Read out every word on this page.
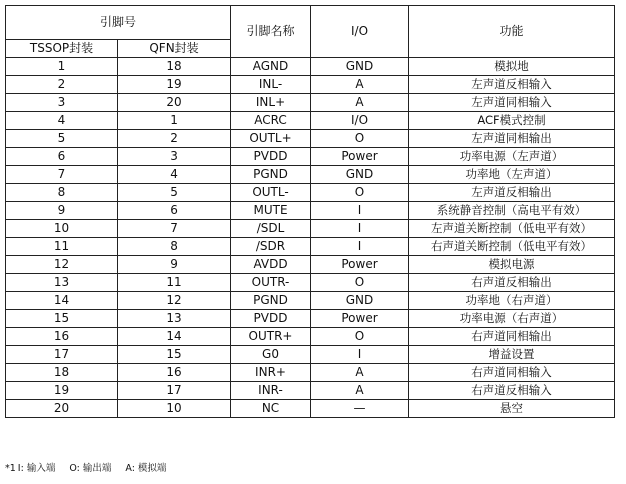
引脚号		引脚名称	I/O	功能
TSSOP封装	QFN封装			
1	18	AGND	GND	模拟地
2	19	INL-	A	左声道反相输入
3	20	INL+	A	左声道同相输入
4	1	ACRC	I/O	ACF模式控制
5	2	OUTL+	O	左声道同相输出
6	3	PVDD	Power	功率电源（左声道）
7	4	PGND	GND	功率地（左声道）
8	5	OUTL-	O	左声道反相输出
9	6	MUTE	I	系统静音控制（高电平有效）
10	7	/SDL	I	左声道关断控制（低电平有效）
11	8	/SDR	I	右声道关断控制（低电平有效）
12	9	AVDD	Power	模拟电源
13	11	OUTR-	O	右声道反相输出
14	12	PGND	GND	功率地（右声道）
15	13	PVDD	Power	功率电源（右声道）
16	14	OUTR+	O	右声道同相输出
17	15	G0	I	增益设置
18	16	INR+	A	右声道同相输入
19	17	INR-	A	右声道反相输入
20	10	NC	—	悬空
*1 I: 输入端 O: 输出端 A: 模拟端
